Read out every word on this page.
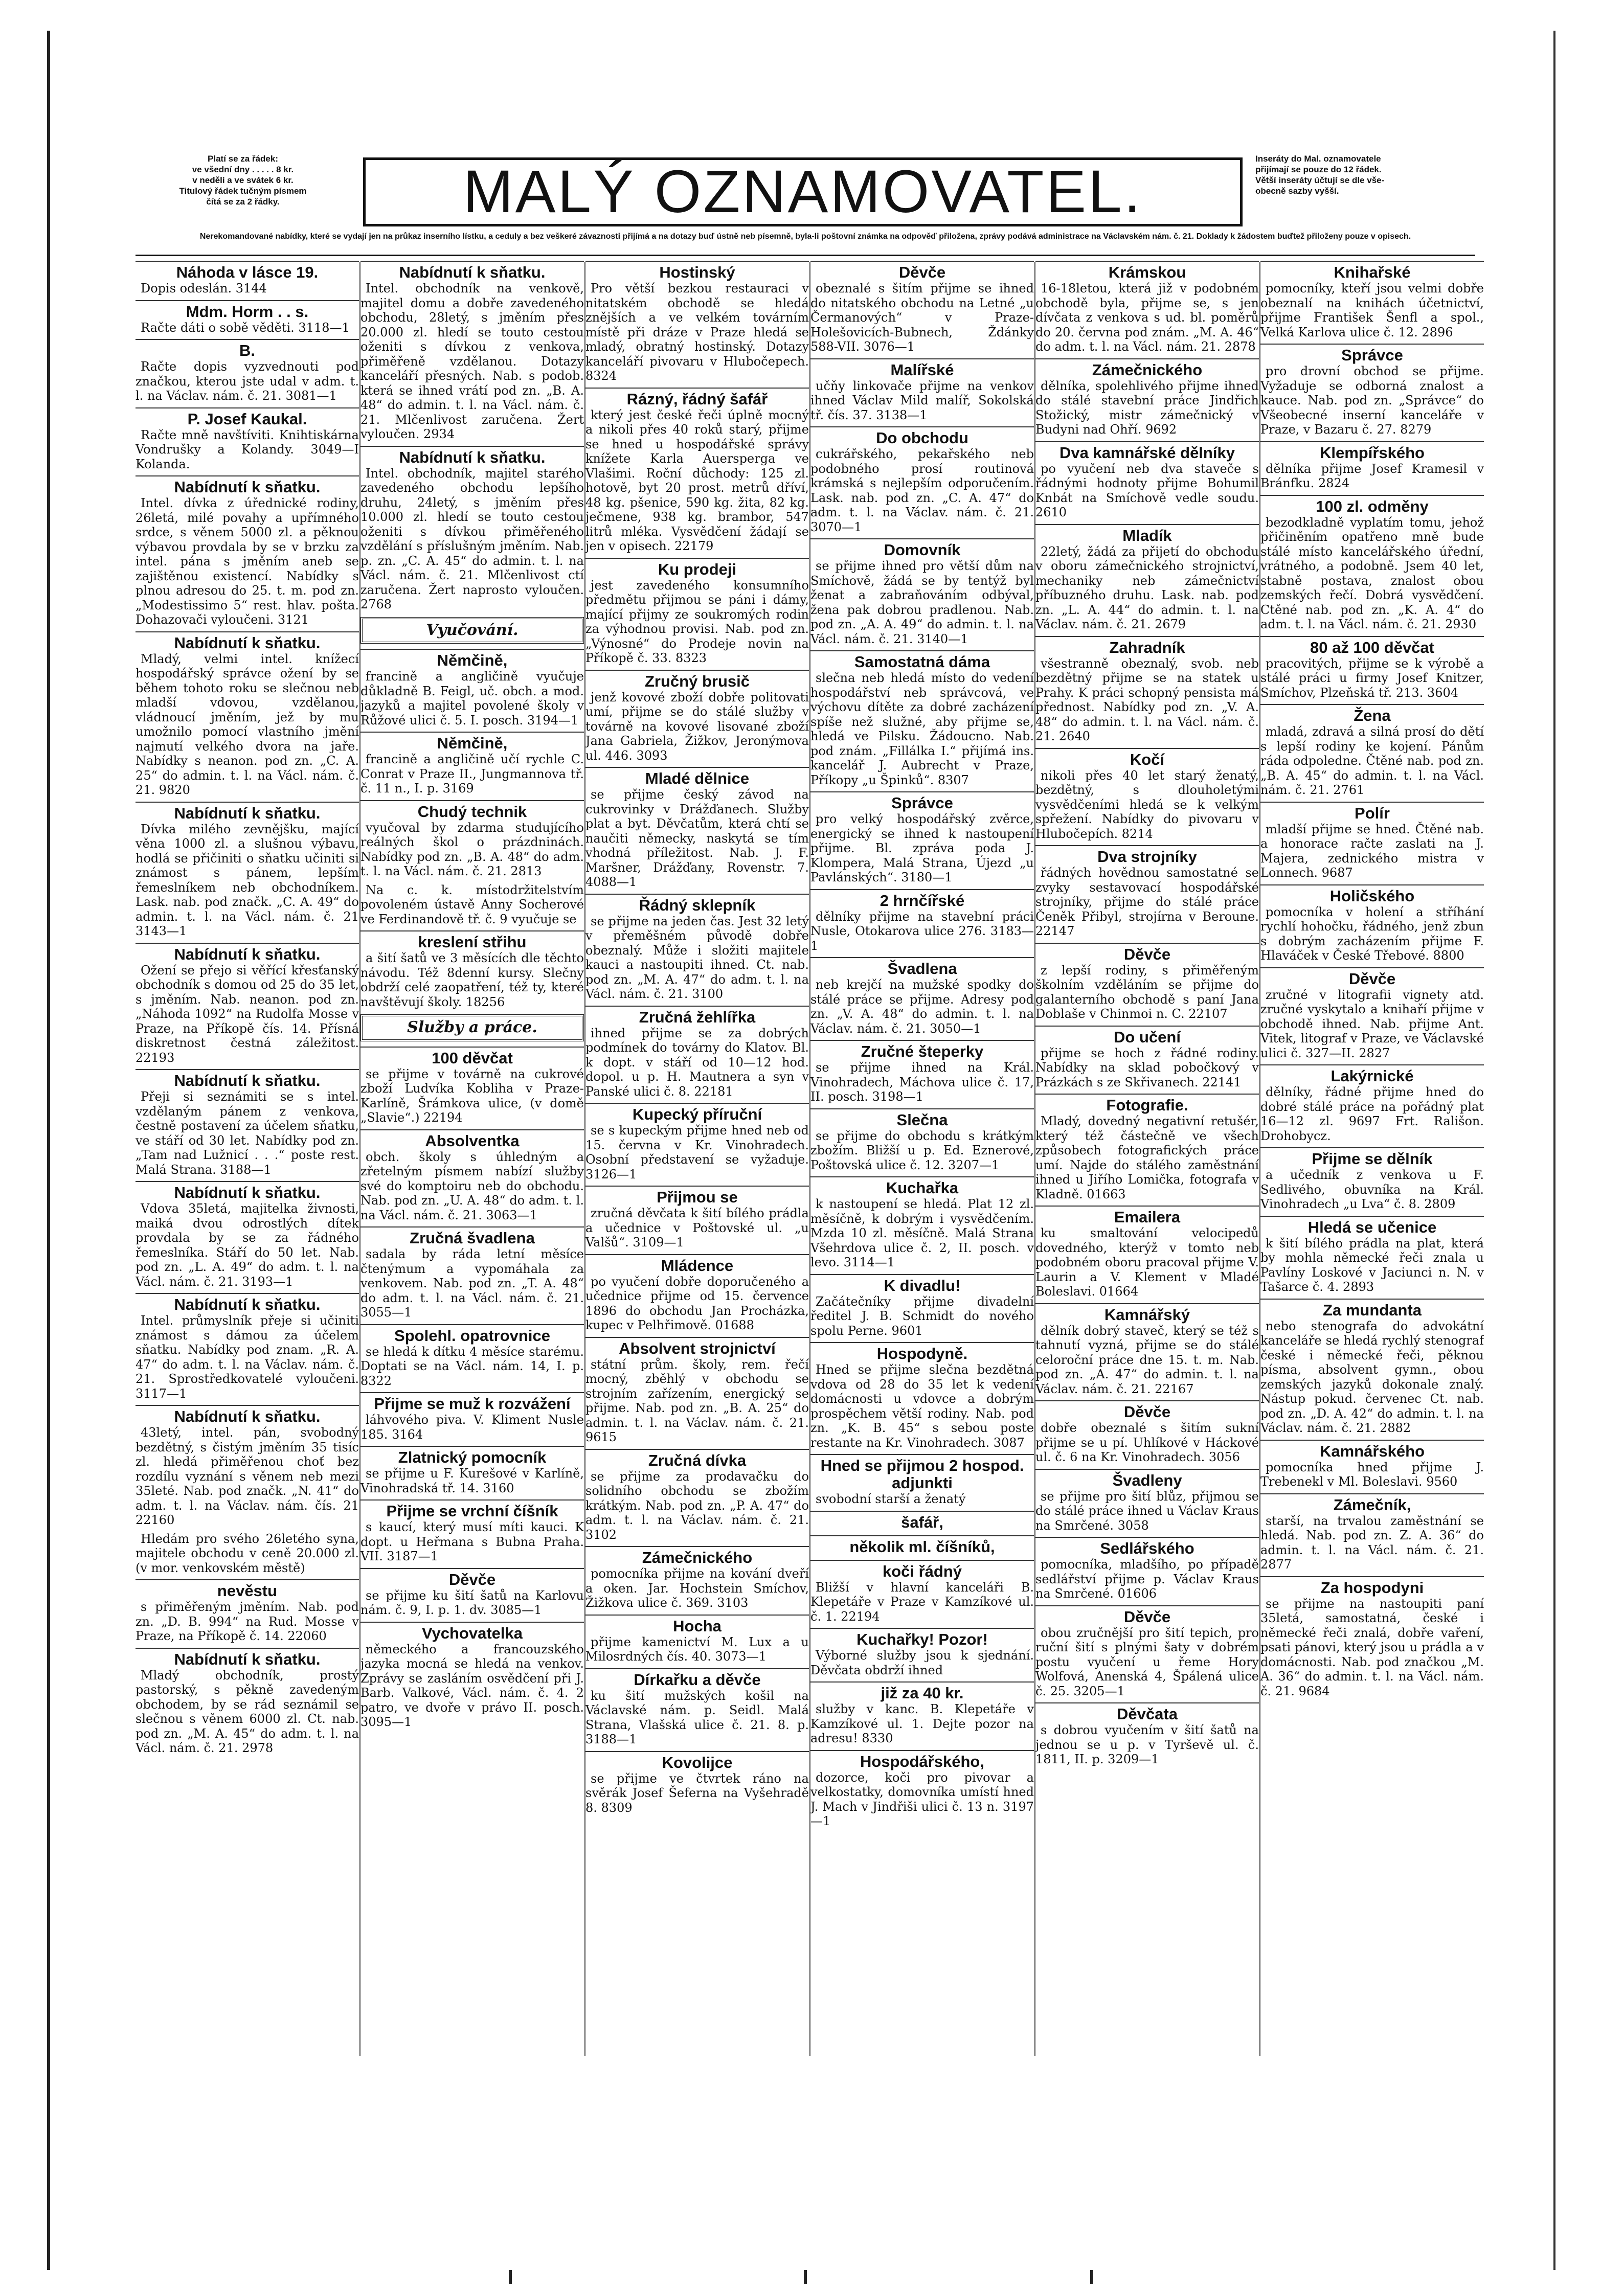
Platí se za řádek:
ve všední dny . . . . . 8 kr.
v neděli a ve svátek 6 kr.
Titulový řádek tučným písmem
čítá se za 2 řádky.	MALÝ OZNAMOVATEL.	Inseráty do Mal. oznamovatele
přijímají se pouze do 12 řádek.
Větší inseráty účtují se dle vše-
obecně sazby vyšší.
Nerekomandované nabídky, které se vydají jen na průkaz inserního lístku, a ceduly a bez veškeré závaznosti přijímá a na dotazy buď ústně neb písemně, byla-li poštovní známka na odpověď přiložena, zprávy podává administrace na Václavském nám. č. 21. Doklady k žádostem buďtež přiloženy pouze v opisech.
Náhoda v lásce 19.

Dopis odeslán. 3144

Mdm. Horm . . s.

Račte dáti o sobě věděti. 3118—1

B.

Račte dopis vyzvednouti pod značkou, kterou jste udal v adm. t. l. na Václav. nám. č. 21. 3081—1

P. Josef Kaukal.

Račte mně navštíviti. Knihtiskárna Vondrušky a Kolandy. 3049—I Kolanda.

Nabídnutí k sňatku.

Intel. dívka z úřednické rodiny, 26letá, milé povahy a upřímného srdce, s věnem 5000 zl. a pěknou výbavou provdala by se v brzku za intel. pána s jměním aneb se zajištěnou existencí. Nabídky s plnou adresou do 25. t. m. pod zn. „Modestissimo 5“ rest. hlav. pošta. Dohazovači vyloučeni. 3121

Nabídnutí k sňatku.

Mladý, velmi intel. knížecí hospodářský správce ožení by se během tohoto roku se slečnou neb mladší vdovou, vzdělanou, vládnoucí jměním, jež by mu umožnilo pomocí vlastního jmění najmutí velkého dvora na jaře. Nabídky s neanon. pod zn. „C. A. 25“ do admin. t. l. na Václ. nám. č. 21. 9820

Nabídnutí k sňatku.

Dívka milého zevnějšku, mající věna 1000 zl. a slušnou výbavu, hodlá se přičiniti o sňatku učiniti si známost s pánem, lepším řemeslníkem neb obchodníkem. Lask. nab. pod značk. „C. A. 49“ do admin. t. l. na Václ. nám. č. 21 3143—1

Nabídnutí k sňatku.

Ožení se přejo si věřící křesťanský obchodník s domou od 25 do 35 let, s jměním. Nab. neanon. pod zn. „Náhoda 1092“ na Rudolfa Mosse v Praze, na Příkopě čís. 14. Přísná diskretnost čestná záležitost. 22193

Nabídnutí k sňatku.

Přeji si seznámiti se s intel. vzdělaným pánem z venkova, čestně postavení za účelem sňatku, ve stáří od 30 let. Nabídky pod zn. „Tam nad Lužnicí . . .“ poste rest. Malá Strana. 3188—1

Nabídnutí k sňatku.

Vdova 35letá, majitelka živnosti, maiká dvou odrostlých dítek provdala by se za řádného řemeslníka. Stáří do 50 let. Nab. pod zn. „L. A. 49“ do adm. t. l. na Václ. nám. č. 21. 3193—1

Nabídnutí k sňatku.

Intel. průmyslník přeje si učiniti známost s dámou za účelem sňatku. Nabídky pod znam. „R. A. 47“ do adm. t. l. na Václav. nám. č. 21. Sprostředkovatelé vyloučeni. 3117—1

Nabídnutí k sňatku.

43letý, intel. pán, svobodný bezdětný, s čistým jměním 35 tisíc zl. hledá přiměřenou choť bez rozdílu vyznání s věnem neb mezi 35leté. Nab. pod značk. „N. 41“ do adm. t. l. na Václav. nám. čís. 21 22160

Hledám pro svého 26letého syna, majitele obchodu v ceně 20.000 zl. (v mor. venkovském městě)

nevěstu

s přiměřeným jměním. Nab. pod zn. „D. B. 994“ na Rud. Mosse v Praze, na Příkopě č. 14. 22060

Nabídnutí k sňatku.

Mladý obchodník, prostý pastorský, s pěkně zavedeným obchodem, by se rád seznámil se slečnou s věnem 6000 zl. Ct. nab. pod zn. „M. A. 45“ do adm. t. l. na Václ. nám. č. 21. 2978

Nabídnutí k sňatku.

Intel. obchodník na venkově, majitel domu a dobře zavedeného obchodu, 28letý, s jměním přes 20.000 zl. hledí se touto cestou oženiti s dívkou z venkova, přiměřeně vzdělanou. Dotazy kanceláří přesných. Nab. s podob. která se ihned vrátí pod zn. „B. A. 48“ do admin. t. l. na Václ. nám. č. 21. Mlčenlivost zaručena. Žert vyloučen. 2934

Nabídnutí k sňatku.

Intel. obchodník, majitel starého zavedeného obchodu lepšího druhu, 24letý, s jměním přes 10.000 zl. hledí se touto cestou oženiti s dívkou přiměřeného vzdělání s příslušným jměním. Nab. p. zn. „C. A. 45“ do admin. t. l. na Václ. nám. č. 21. Mlčenlivost ctí zaručena. Žert naprosto vyloučen. 2768

Vyučování.
Němčině,

francině a angličině vyučuje důkladně B. Feigl, uč. obch. a mod. jazyků a majitel povolené školy v Růžové ulici č. 5. I. posch. 3194—1

Němčině,

francině a angličině učí rychle C. Conrat v Praze II., Jungmannova tř. č. 11 n., I. p. 3169

Chudý technik

vyučoval by zdarma studujícího reálných škol o prázdninách. Nabídky pod zn. „B. A. 48“ do adm. t. l. na Václ. nám. č. 21. 2813

Na c. k. místodržitelstvím povoleném ústavě Anny Socherové ve Ferdinandově tř. č. 9 vyučuje se

kreslení střihu

a šití šatů ve 3 měsících dle těchto návodu. Též 8denní kursy. Slečny obdrží celé zaopatření, též ty, které navštěvují školy. 18256

Služby a práce.
100 děvčat

se přijme v továrně na cukrové zboží Ludvíka Kobliha v Praze-Karlíně, Šrámkova ulice, (v domě „Slavie“.) 22194

Absolventka

obch. školy s úhledným a zřetelným písmem nabízí služby své do komptoiru neb do obchodu. Nab. pod zn. „U. A. 48“ do adm. t. l. na Václ. nám. č. 21. 3063—1

Zručná švadlena

sadala by ráda letní měsíce čtenýmum a vypomáhala za venkovem. Nab. pod zn. „T. A. 48“ do adm. t. l. na Václ. nám. č. 21. 3055—1

Spolehl. opatrovnice

se hledá k dítku 4 měsíce starému. Doptati se na Václ. nám. 14, I. p. 8322

Přijme se muž k rozvážení

láhvového piva. V. Kliment Nusle 185. 3164

Zlatnický pomocník

se přijme u F. Kurešové v Karlíně, Vinohradská tř. 14. 3160

Přijme se vrchní číšník

s kaucí, který musí míti kauci. K dopt. u Heřmana s Bubna Praha. VII. 3187—1

Děvče

se přijme ku šití šatů na Karlovu nám. č. 9, I. p. 1. dv. 3085—1

Vychovatelka

německého a francouzského jazyka mocná se hledá na venkov. Zprávy se zasláním osvědčení při J. Barb. Valkové, Václ. nám. č. 4. 2 patro, ve dvoře v právo II. posch. 3095—1

Hostinský

Pro větší bezkou restauraci v nitatském obchodě se hledá znějších a ve velkém továrním místě při dráze v Praze hledá se mladý, obratný hostinský. Dotazy kanceláří pivovaru v Hlubočepech. 8324

Rázný, řádný šafář

který jest české řeči úplně mocný a nikoli přes 40 roků starý, přijme se hned u hospodářské správy knížete Karla Auersperga ve Vlašimi. Roční důchody: 125 zl. hotově, byt 20 prost. metrů dříví, 48 kg. pšenice, 590 kg. žita, 82 kg. ječmene, 938 kg. brambor, 547 litrů mléka. Vysvědčení žádají se jen v opisech. 22179

Ku prodeji

jest zavedeného konsumního předmětu přijmou se páni i dámy, mající přijmy ze soukromých rodin za výhodnou provisi. Nab. pod zn. „Výnosné“ do Prodeje novin na Příkopě č. 33. 8323

Zručný brusič

jenž kovové zboží dobře politovati umí, přijme se do stálé služby v továrně na kovové lisované zboží Jana Gabriela, Žižkov, Jeronýmova ul. 446. 3093

Mladé dělnice

se přijme český závod na cukrovinky v Drážďanech. Služby plat a byt. Děvčatům, která chtí se naučiti německy, naskytá se tím vhodná příležitost. Nab. J. F. Maršner, Drážďany, Rovenstr. 7. 4088—1

Řádný sklepník

se přijme na jeden čas. Jest 32 letý v přeměšném původě dobře obeznalý. Může i složiti majitele kauci a nastoupiti ihned. Ct. nab. pod zn. „M. A. 47“ do adm. t. l. na Václ. nám. č. 21. 3100

Zručná žehlířka

ihned přijme se za dobrých podmínek do továrny do Klatov. Bl. k dopt. v stáří od 10—12 hod. dopol. u p. H. Mautnera a syn v Panské ulici č. 8. 22181

Kupecký příruční

se s kupeckým přijme hned neb od 15. června v Kr. Vinohradech. Osobní představení se vyžaduje. 3126—1

Přijmou se

zručná děvčata k šití bílého prádla a učednice v Poštovské ul. „u Valšů“. 3109—1

Mládence

po vyučení dobře doporučeného a učednice přijme od 15. července 1896 do obchodu Jan Procházka, kupec v Pelhřimově. 01688

Absolvent strojnictví

státní prům. školy, rem. řečí mocný, zběhlý v obchodu se strojním zařízením, energický se přijme. Nab. pod zn. „B. A. 25“ do admin. t. l. na Václav. nám. č. 21. 9615

Zručná dívka

se přijme za prodavačku do solidního obchodu se zbožím krátkým. Nab. pod zn. „P. A. 47“ do adm. t. l. na Václav. nám. č. 21. 3102

Zámečnického

pomocníka přijme na kování dveří a oken. Jar. Hochstein Smíchov, Žižkova ulice č. 369. 3103

Hocha

přijme kamenictví M. Lux a u Milosrdných čís. 40. 3073—1

Dírkařku a děvče

ku šití mužských košil na Václavské nám. p. Seidl. Malá Strana, Vlašská ulice č. 21. 8. p. 3188—1

Kovolijce

se přijme ve čtvrtek ráno na svěrák Josef Šeferna na Vyšehradě 8. 8309

Děvče

obeznalé s šitím přijme se ihned do nitatského obchodu na Letné „u Čermanových“ v Praze-Holešovicích-Bubnech, Ždánky 588-VII. 3076—1

Malířské

učňy linkovače přijme na venkov ihned Václav Mild malíř, Sokolská tř. čís. 37. 3138—1

Do obchodu

cukrářského, pekařského neb podobného prosí routinová krámská s nejlepším odporučením. Lask. nab. pod zn. „C. A. 47“ do adm. t. l. na Václav. nám. č. 21. 3070—1

Domovník

se přijme ihned pro větší dům na Smíchově, žádá se by tentýž byl ženat a zabraňováním odbýval, žena pak dobrou pradlenou. Nab. pod zn. „A. A. 49“ do admin. t. l. na Václ. nám. č. 21. 3140—1

Samostatná dáma

slečna neb hledá místo do vedení hospodářství neb správcová, ve výchovu dítěte za dobré zacházení spíše než služné, aby přijme se, hledá ve Pilsku. Žádoucno. Nab. pod znám. „Fillálka I.“ přijímá ins. kancelář J. Aubrecht v Praze, Příkopy „u Špinků“. 8307

Správce

pro velký hospodářský zvěrce, energický se ihned k nastoupení přijme. Bl. zpráva poda J. Klompera, Malá Strana, Újezd „u Pavlánských“. 3180—1

2 hrnčířské

dělníky přijme na stavební práci Nusle, Otokarova ulice 276. 3183—1

Švadlena

neb krejčí na mužské spodky do stálé práce se přijme. Adresy pod zn. „V. A. 48“ do admin. t. l. na Václav. nám. č. 21. 3050—1

Zručné šteperky

se přijme ihned na Král. Vinohradech, Máchova ulice č. 17, II. posch. 3198—1

Slečna

se přijme do obchodu s krátkým zbožím. Bližší u p. Ed. Eznerové, Poštovská ulice č. 12. 3207—1

Kuchařka

k nastoupení se hledá. Plat 12 zl. měsíčně, k dobrým i vysvědčením. Mzda 10 zl. měsíčně. Malá Strana Všehrdova ulice č. 2, II. posch. v levo. 3114—1

K divadlu!

Začátečníky přijme divadelní ředitel J. B. Schmidt do nového spolu Perne. 9601

Hospodyně.

Hned se přijme slečna bezdětná vdova od 28 do 35 let k vedení domácnosti u vdovce a dobrým prospěchem větší rodiny. Nab. pod zn. „K. B. 45“ s sebou poste restante na Kr. Vinohradech. 3087

Hned se přijmou 2 hospod. adjunkti

svobodní starší a ženatý

šafář,
několik ml. číšníků,
koči řádný

Bližší v hlavní kanceláři B. Klepetáře v Praze v Kamzíkové ul. č. 1. 22194

Kuchařky! Pozor!

Výborné služby jsou k sjednání. Děvčata obdrží ihned

již za 40 kr.

služby v kanc. B. Klepetáře v Kamzíkové ul. 1. Dejte pozor na adresu! 8330

Hospodářského,

dozorce, koči pro pivovar a velkostatky, domovníka umístí hned J. Mach v Jindřiši ulici č. 13 n. 3197—1

Krámskou

16-18letou, která již v podobném obchodě byla, přijme se, s jen dívčata z venkova s ud. bl. poměrů do 20. června pod znám. „M. A. 46“ do adm. t. l. na Václ. nám. 21. 2878

Zámečnického

dělníka, spolehlivého přijme ihned do stálé stavební práce Jindřich Stožický, mistr zámečnický v Budyni nad Ohří. 9692

Dva kamnářské dělníky

po vyučení neb dva staveče s řádnými hodnoty přijme Bohumil Knbát na Smíchově vedle soudu. 2610

Mladík

22letý, žádá za přijetí do obchodu v oboru zámečnického strojnictví, mechaniky neb zámečnictví příbuzného druhu. Lask. nab. pod zn. „L. A. 44“ do admin. t. l. na Václav. nám. č. 21. 2679

Zahradník

všestranně obeznalý, svob. neb bezdětný přijme se na statek u Prahy. K práci schopný pensista má přednost. Nabídky pod zn. „V. A. 48“ do admin. t. l. na Václ. nám. č. 21. 2640

Kočí

nikoli přes 40 let starý ženatý, bezdětný, s dlouholetými vysvědčeními hledá se k velkým spřežení. Nabídky do pivovaru v Hlubočepích. 8214

Dva strojníky

řádných hovědnou samostatné se zvyky sestavovací hospodářské strojníky, přijme do stálé práce Čeněk Přibyl, strojírna v Beroune. 22147

Děvče

z lepší rodiny, s přiměřeným školním vzděláním se přijme do galanterního obchodě s paní Jana Doblaše v Chinmoi n. C. 22107

Do učení

přijme se hoch z řádné rodiny. Nabídky na sklad pobočkový v Prázkách s ze Skřivanech. 22141

Fotografie.

Mladý, dovedný negativní retušér, který též částečně ve všech způsobech fotografických práce umí. Najde do stálého zaměstnání ihned u Jiřího Lomička, fotografa v Kladně. 01663

Emailera

ku smaltování velocipedů dovedného, kterýž v tomto neb podobném oboru pracoval přijme V. Laurin a V. Klement v Mladé Boleslavi. 01664

Kamnářský

dělník dobrý staveč, který se též s tahnutí vyzná, přijme se do stálé celoroční práce dne 15. t. m. Nab. pod zn. „A. 47“ do admin. t. l. na Václav. nám. č. 21. 22167

Děvče

dobře obeznalé s šitím sukní přijme se u pí. Uhlíkové v Háckové ul. č. 6 na Kr. Vinohradech. 3056

Švadleny

se přijme pro šití blůz, přijmou se do stálé práce ihned u Václav Kraus na Smrčené. 3058

Sedlářského

pomocníka, mladšího, po případě sedlářství přijme p. Václav Kraus na Smrčené. 01606

Děvče

obou zručnější pro šití tepich, pro ruční šití s plnými šaty v dobrém postu vyučení u řeme Hory Wolfová, Anenská 4, Špálená ulice č. 25. 3205—1

Děvčata

s dobrou vyučením v šití šatů na jednou se u p. v Tyrševě ul. č. 1811, II. p. 3209—1

Knihařské

pomocníky, kteří jsou velmi dobře obeznalí na knihách účetnictví, přijme František Šenfl a spol., Velká Karlova ulice č. 12. 2896

Správce

pro drovní obchod se přijme. Vyžaduje se odborná znalost a kauce. Nab. pod zn. „Správce“ do Všeobecné inserní kanceláře v Praze, v Bazaru č. 27. 8279

Klempířského

dělníka přijme Josef Kramesil v Bránfku. 2824

100 zl. odměny

bezodkladně vyplatím tomu, jehož přičiněním opatřeno mně bude stálé místo kancelářského úřední, vrátného, a podobně. Jsem 40 let, stabně postava, znalost obou zemských řečí. Dobrá vysvědčení. Ctěné nab. pod zn. „K. A. 4“ do adm. t. l. na Václ. nám. č. 21. 2930

80 až 100 děvčat

pracovitých, přijme se k výrobě a stálé práci u firmy Josef Knitzer, Smíchov, Plzeňská tř. 213. 3604

Žena

mladá, zdravá a silná prosí do dětí s lepší rodiny ke kojení. Pánům ráda odpoledne. Čtěné nab. pod zn. „B. A. 45“ do admin. t. l. na Václ. nám. č. 21. 2761

Polír

mladší přijme se hned. Čtěné nab. a honorace račte zaslati na J. Majera, zednického mistra v Lonnech. 9687

Holičského

pomocníka v holení a stříhání rychlí hohočku, řádného, jenž zbun s dobrým zacházením přijme F. Hlaváček v České Třebové. 8800

Děvče

zručné v litografii vignety atd. zručné vyskytalo a knihaří přijme v obchodě ihned. Nab. přijme Ant. Vitek, litograf v Praze, ve Václavské ulici č. 327—II. 2827

Lakýrnické

dělníky, řádné přijme hned do dobré stálé práce na pořádný plat 16—12 zl. 9697 Frt. Rališon. Drohobycz.

Přijme se dělník

a učedník z venkova u F. Sedlivého, obuvníka na Král. Vinohradech „u Lva“ č. 8. 2809

Hledá se učenice

k šití bílého prádla na plat, která by mohla německé řeči znala u Pavlíny Loskové v Jaciunci n. N. v Tašarce č. 4. 2893

Za mundanta

nebo stenografa do advokátní kanceláře se hledá rychlý stenograf české i německé řeči, pěknou písma, absolvent gymn., obou zemských jazyků dokonale znalý. Nástup pokud. červenec Ct. nab. pod zn. „D. A. 42“ do admin. t. l. na Václav. nám. č. 21. 2882

Kamnářského

pomocníka hned přijme J. Trebenekl v Ml. Boleslavi. 9560

Zámečník,

starší, na trvalou zaměstnání se hledá. Nab. pod zn. Z. A. 36“ do admin. t. l. na Václ. nám. č. 21. 2877

Za hospodyni

se přijme na nastoupiti paní 35letá, samostatná, české i německé řeči znalá, dobře vaření, psati pánovi, který jsou u prádla a v domácnosti. Nab. pod značkou „M. A. 36“ do admin. t. l. na Václ. nám. č. 21. 9684
